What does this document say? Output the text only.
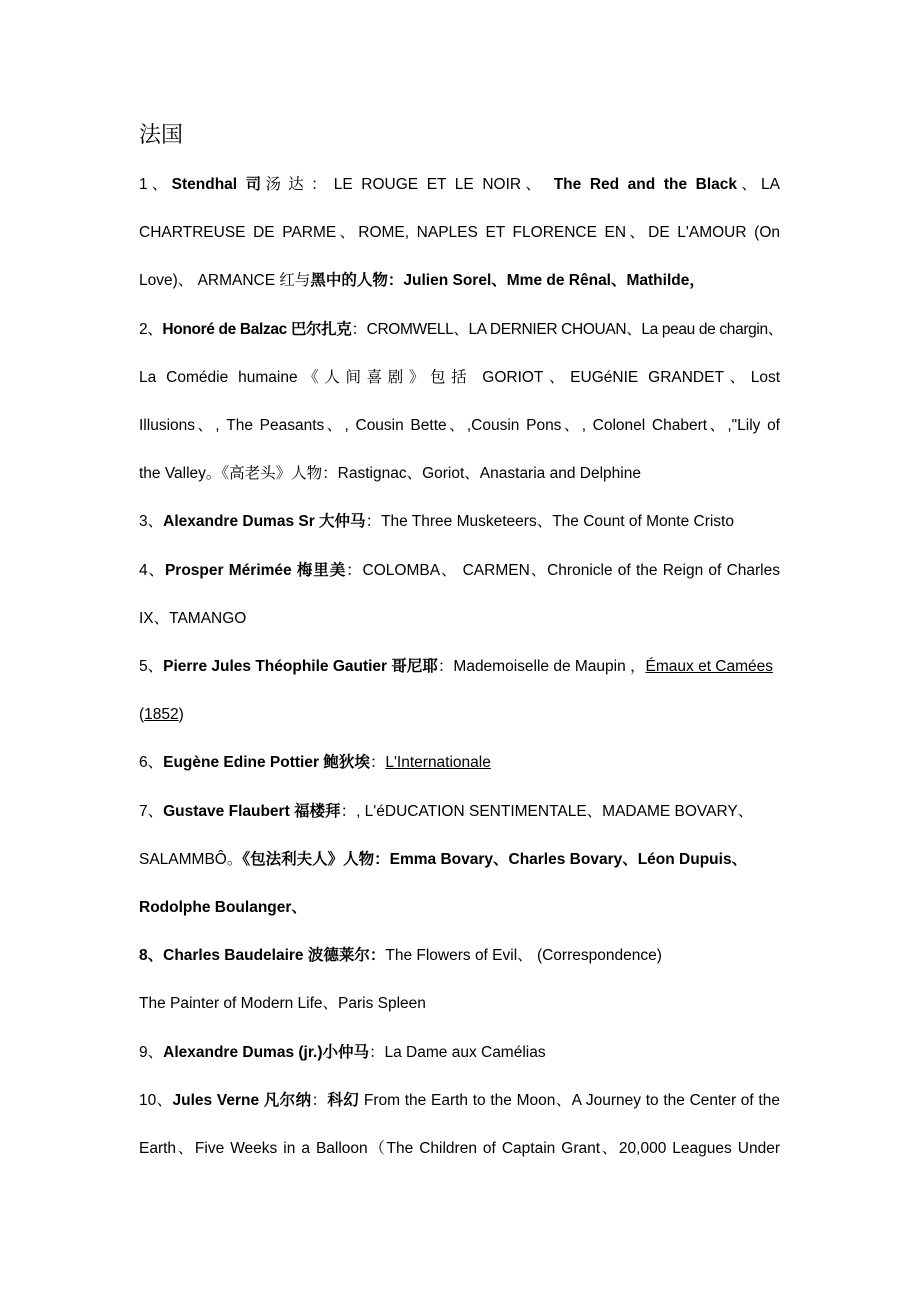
法国
1、Stendhal 司汤达：LE ROUGE ET LE NOIR、 The Red and the Black、LA
CHARTREUSE DE PARME、ROME, NAPLES ET FLORENCE EN、DE L'AMOUR (On
Love)、 ARMANCE 红与黑中的人物：Julien Sorel、Mme de Rênal、Mathilde，
2、Honoré de Balzac 巴尔扎克：CROMWELL、LA DERNIER CHOUAN、La peau de chargin、
La Comédie humaine《人间喜剧》包括 GORIOT、EUGéNIE GRANDET、Lost
Illusions、, The Peasants、, Cousin Bette、,Cousin Pons、, Colonel Chabert、,"Lily of
the Valley。《高老头》人物：Rastignac、Goriot、Anastaria and Delphine
3、Alexandre Dumas Sr 大仲马：The Three Musketeers、The Count of Monte Cristo
4、Prosper Mérimée 梅里美：COLOMBA、 CARMEN、Chronicle of the Reign of Charles
IX、TAMANGO
5、Pierre Jules Théophile Gautier 哥尼耶：Mademoiselle de Maupin ，Émaux et Camées
(1852)
6、Eugène Edine Pottier 鲍狄埃：L'Internationale
7、Gustave Flaubert 福楼拜：, L'éDUCATION SENTIMENTALE、MADAME BOVARY、
SALAMMBÔ。《包法利夫人》人物：Emma Bovary、Charles Bovary、Léon Dupuis、
Rodolphe Boulanger、
8、Charles Baudelaire 波德莱尔：The Flowers of Evil、 (Correspondence)
The Painter of Modern Life、Paris Spleen
9、Alexandre Dumas (jr.)小仲马：La Dame aux Camélias
10、Jules Verne 凡尔纳：科幻 From the Earth to the Moon、A Journey to the Center of the
Earth、Five Weeks in a Balloon（The Children of Captain Grant、20,000 Leagues Under
